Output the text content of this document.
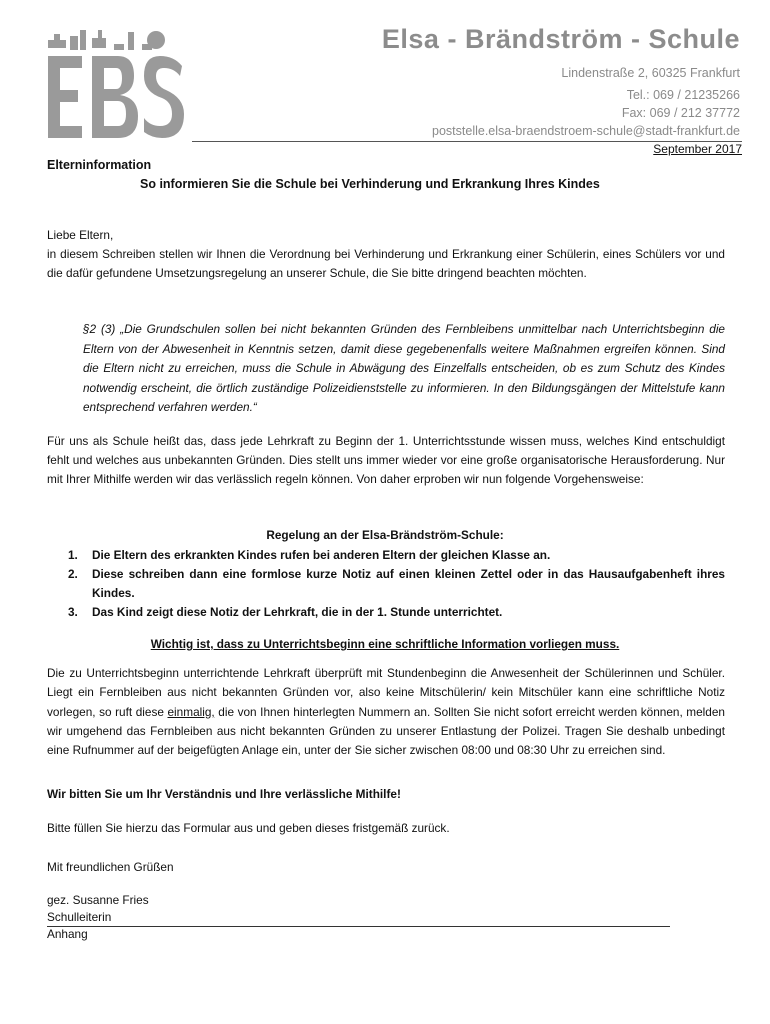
Elsa - Brändström - Schule
Lindenstraße 2, 60325 Frankfurt
Tel.: 069 / 21235266
Fax: 069 / 212 37772
poststelle.elsa-braendstroem-schule@stadt-frankfurt.de
September 2017
Elterninformation
So informieren Sie die Schule bei Verhinderung und Erkrankung Ihres Kindes
Liebe Eltern,
in diesem Schreiben stellen wir Ihnen die Verordnung bei Verhinderung und Erkrankung einer Schülerin, eines Schülers vor und die dafür gefundene Umsetzungsregelung an unserer Schule, die Sie bitte dringend beachten möchten.
§2 (3) „Die Grundschulen sollen bei nicht bekannten Gründen des Fernbleibens unmittelbar nach Unterrichtsbeginn die Eltern von der Abwesenheit in Kenntnis setzen, damit diese gegebenenfalls weitere Maßnahmen ergreifen können. Sind die Eltern nicht zu erreichen, muss die Schule in Abwägung des Einzelfalls entscheiden, ob es zum Schutz des Kindes notwendig erscheint, die örtlich zuständige Polizeidienststelle zu informieren. In den Bildungsgängen der Mittelstufe kann entsprechend verfahren werden.“
Für uns als Schule heißt das, dass jede Lehrkraft zu Beginn der 1. Unterrichtsstunde wissen muss, welches Kind entschuldigt fehlt und welches aus unbekannten Gründen. Dies stellt uns immer wieder vor eine große organisatorische Herausforderung. Nur mit Ihrer Mithilfe werden wir das verlässlich regeln können. Von daher erproben wir nun folgende Vorgehensweise:
Regelung an der Elsa-Brändström-Schule:
1. Die Eltern des erkrankten Kindes rufen bei anderen Eltern der gleichen Klasse an.
2. Diese schreiben dann eine formlose kurze Notiz auf einen kleinen Zettel oder in das Hausaufgabenheft ihres Kindes.
3. Das Kind zeigt diese Notiz der Lehrkraft, die in der 1. Stunde unterrichtet.
Wichtig ist, dass zu Unterrichtsbeginn eine schriftliche Information vorliegen muss.
Die zu Unterrichtsbeginn unterrichtende Lehrkraft überprüft mit Stundenbeginn die Anwesenheit der Schülerinnen und Schüler. Liegt ein Fernbleiben aus nicht bekannten Gründen vor, also keine Mitschülerin/ kein Mitschüler kann eine schriftliche Notiz vorlegen, so ruft diese einmalig, die von Ihnen hinterlegten Nummern an. Sollten Sie nicht sofort erreicht werden können, melden wir umgehend das Fernbleiben aus nicht bekannten Gründen zu unserer Entlastung der Polizei. Tragen Sie deshalb unbedingt eine Rufnummer auf der beigefügten Anlage ein, unter der Sie sicher zwischen 08:00 und 08:30 Uhr zu erreichen sind.
Wir bitten Sie um Ihr Verständnis und Ihre verlässliche Mithilfe!
Bitte füllen Sie hierzu das Formular aus und geben dieses fristgemäß zurück.
Mit freundlichen Grüßen
gez. Susanne Fries
Schulleiterin
Anhang
